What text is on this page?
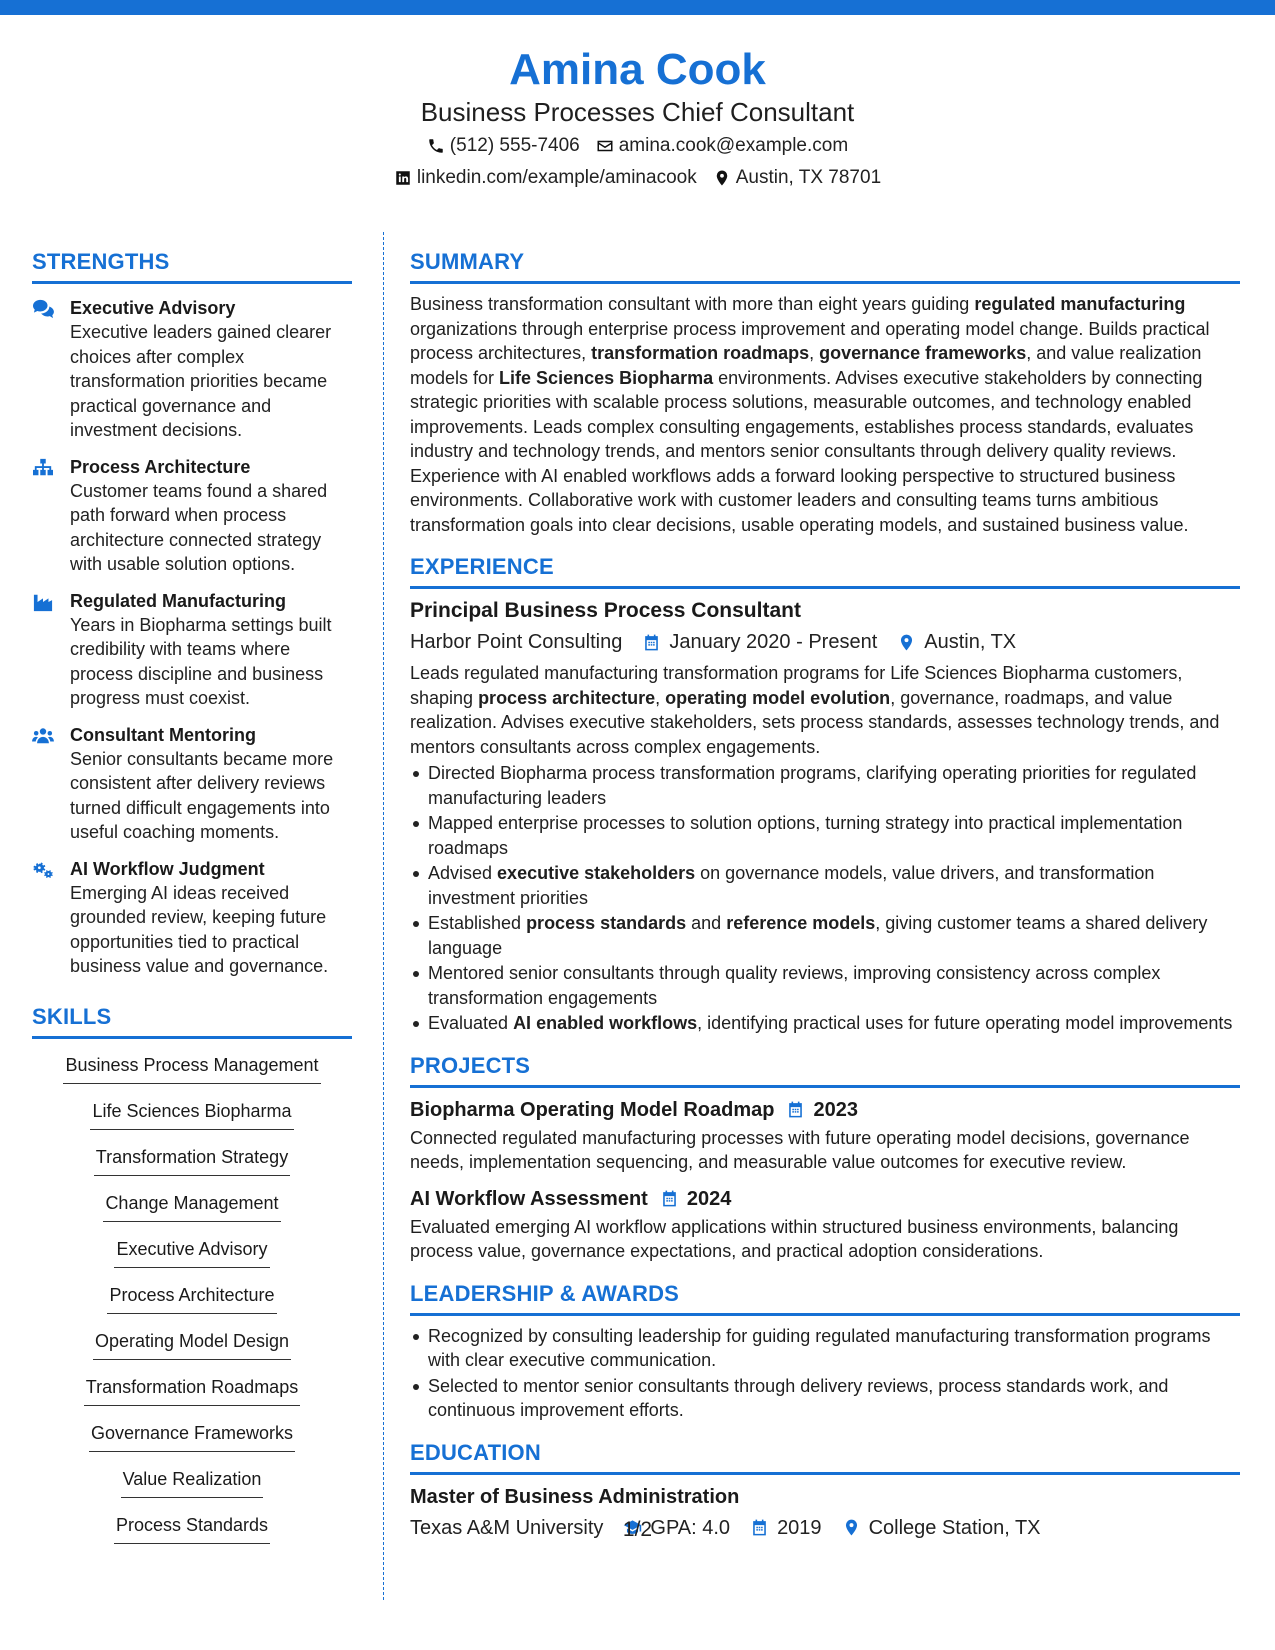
Amina Cook
Business Processes Chief Consultant
(512) 555-7406 amina.cook@example.com
linkedin.com/example/aminacook Austin, TX 78701
STRENGTHS
Executive Advisory
Executive leaders gained clearer choices after complex transformation priorities became practical governance and investment decisions.
Process Architecture
Customer teams found a shared path forward when process architecture connected strategy with usable solution options.
Regulated Manufacturing
Years in Biopharma settings built credibility with teams where process discipline and business progress must coexist.
Consultant Mentoring
Senior consultants became more consistent after delivery reviews turned difficult engagements into useful coaching moments.
AI Workflow Judgment
Emerging AI ideas received grounded review, keeping future opportunities tied to practical business value and governance.
SKILLS
Business Process Management
Life Sciences Biopharma
Transformation Strategy
Change Management
Executive Advisory
Process Architecture
Operating Model Design
Transformation Roadmaps
Governance Frameworks
Value Realization
Process Standards
SUMMARY
Business transformation consultant with more than eight years guiding regulated manufacturing organizations through enterprise process improvement and operating model change. Builds practical process architectures, transformation roadmaps, governance frameworks, and value realization models for Life Sciences Biopharma environments. Advises executive stakeholders by connecting strategic priorities with scalable process solutions, measurable outcomes, and technology enabled improvements. Leads complex consulting engagements, establishes process standards, evaluates industry and technology trends, and mentors senior consultants through delivery quality reviews. Experience with AI enabled workflows adds a forward looking perspective to structured business environments. Collaborative work with customer leaders and consulting teams turns ambitious transformation goals into clear decisions, usable operating models, and sustained business value.
EXPERIENCE
Principal Business Process Consultant
Harbor Point Consulting January 2020 - Present Austin, TX
Leads regulated manufacturing transformation programs for Life Sciences Biopharma customers, shaping process architecture, operating model evolution, governance, roadmaps, and value realization. Advises executive stakeholders, sets process standards, assesses technology trends, and mentors consultants across complex engagements.
Directed Biopharma process transformation programs, clarifying operating priorities for regulated manufacturing leaders
Mapped enterprise processes to solution options, turning strategy into practical implementation roadmaps
Advised executive stakeholders on governance models, value drivers, and transformation investment priorities
Established process standards and reference models, giving customer teams a shared delivery language
Mentored senior consultants through quality reviews, improving consistency across complex transformation engagements
Evaluated AI enabled workflows, identifying practical uses for future operating model improvements
PROJECTS
Biopharma Operating Model Roadmap 2023
Connected regulated manufacturing processes with future operating model decisions, governance needs, implementation sequencing, and measurable value outcomes for executive review.
AI Workflow Assessment 2024
Evaluated emerging AI workflow applications within structured business environments, balancing process value, governance expectations, and practical adoption considerations.
LEADERSHIP & AWARDS
Recognized by consulting leadership for guiding regulated manufacturing transformation programs with clear executive communication.
Selected to mentor senior consultants through delivery reviews, process standards work, and continuous improvement efforts.
EDUCATION
Master of Business Administration
Texas A&M University GPA: 4.0 2019 College Station, TX
1/2
